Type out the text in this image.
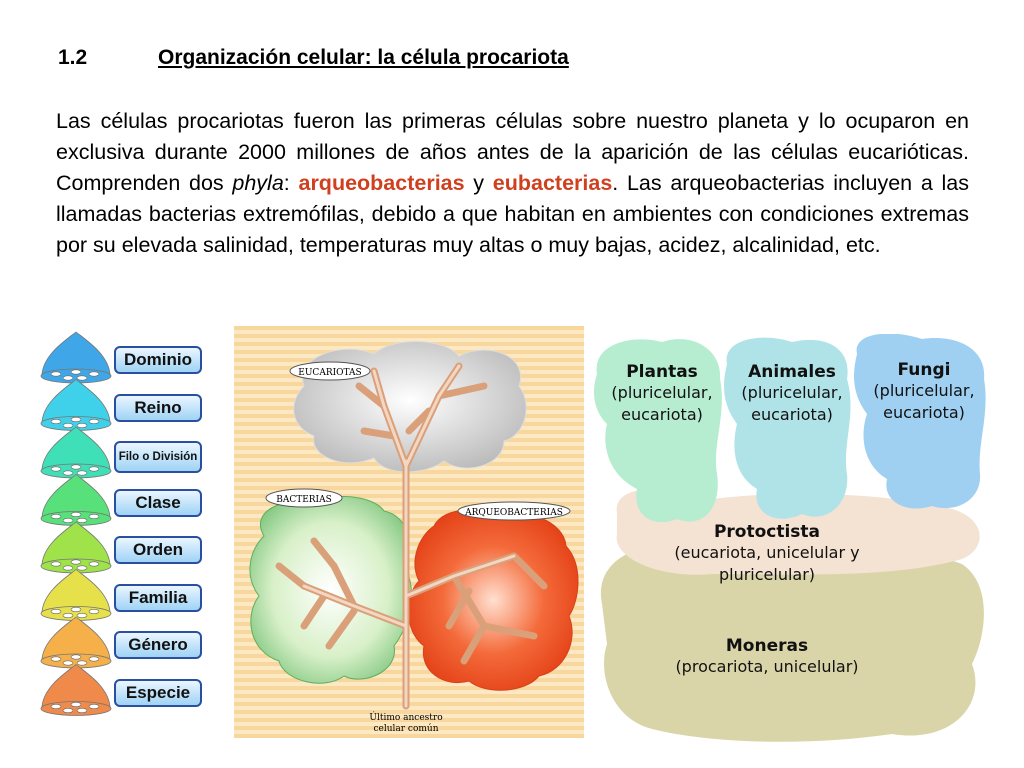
1.2	Organización celular: la célula procariota
Las células procariotas fueron las primeras células sobre nuestro planeta y lo ocuparon en exclusiva durante 2000 millones de años antes de la aparición de las células eucarióticas. Comprenden dos phyla: arqueobacterias y eubacterias. Las arqueobacterias incluyen a las llamadas bacterias extremófilas, debido a que habitan en ambientes con condiciones extremas por su elevada salinidad, temperaturas muy altas o muy bajas, acidez, alcalinidad, etc.
Dominio
Reino
Filo o División
Clase
Orden
Familia
Género
Especie
EUCARIOTAS
BACTERIAS
ARQUEOBACTERIAS
Último ancestro
celular común
Plantas
(pluricelular,
eucariota)
Animales
(pluricelular,
eucariota)
Fungi
(pluricelular,
eucariota)
Protoctista
(eucariota, unicelular y
pluricelular)
Moneras
(procariota, unicelular)
